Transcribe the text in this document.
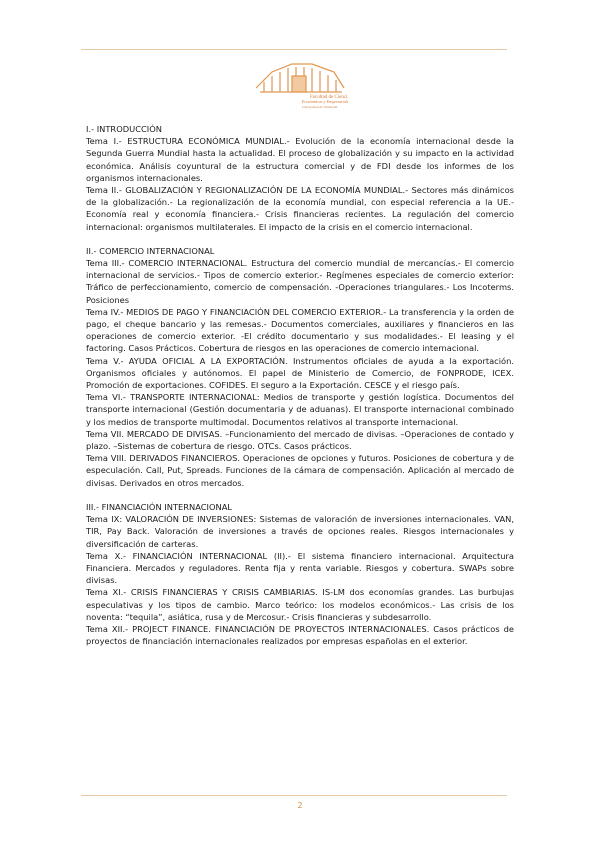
Facultad de Ciencias
Económicas y Empresariales
Universidad de Valladolid

I.- INTRODUCCIÓN

Tema I.- ESTRUCTURA ECONÓMICA MUNDIAL.- Evolución de la economía internacional desde la Segunda Guerra Mundial hasta la actualidad. El proceso de globalización y su impacto en la actividad económica. Análisis coyuntural de la estructura comercial y de FDI desde los informes de los organismos internacionales.

Tema II.- GLOBALIZACIÓN Y REGIONALIZACIÓN DE LA ECONOMÍA MUNDIAL.- Sectores más dinámicos de la globalización.- La regionalización de la economía mundial, con especial referencia a la UE.- Economía real y economía financiera.- Crisis financieras recientes. La regulación del comercio internacional: organismos multilaterales. El impacto de la crisis en el comercio internacional.

II.- COMERCIO INTERNACIONAL

Tema III.- COMERCIO INTERNACIONAL. Estructura del comercio mundial de mercancías.- El comercio internacional de servicios.- Tipos de comercio exterior.- Regímenes especiales de comercio exterior: Tráfico de perfeccionamiento, comercio de compensación. -Operaciones triangulares.- Los Incoterms. Posiciones

Tema IV.- MEDIOS DE PAGO Y FINANCIACIÓN DEL COMERCIO EXTERIOR.- La transferencia y la orden de pago, el cheque bancario y las remesas.- Documentos comerciales, auxiliares y financieros en las operaciones de comercio exterior. -El crédito documentario y sus modalidades.- El leasing y el factoring. Casos Prácticos. Cobertura de riesgos en las operaciones de comercio internacional.

Tema V.- AYUDA OFICIAL A LA EXPORTACIÓN. Instrumentos oficiales de ayuda a la exportación. Organismos oficiales y autónomos. El papel de Ministerio de Comercio, de FONPRODE, ICEX. Promoción de exportaciones. COFIDES. El seguro a la Exportación. CESCE y el riesgo país.

Tema VI.- TRANSPORTE INTERNACIONAL: Medios de transporte y gestión logística. Documentos del transporte internacional (Gestión documentaria y de aduanas). El transporte internacional combinado y los medios de transporte multimodal. Documentos relativos al transporte internacional.

Tema VII. MERCADO DE DIVISAS. –Funcionamiento del mercado de divisas. –Operaciones de contado y plazo. –Sistemas de cobertura de riesgo. OTCs. Casos prácticos.

Tema VIII. DERIVADOS FINANCIEROS. Operaciones de opciones y futuros. Posiciones de cobertura y de especulación. Call, Put, Spreads. Funciones de la cámara de compensación. Aplicación al mercado de divisas. Derivados en otros mercados.

III.- FINANCIACIÓN INTERNACIONAL

Tema IX: VALORACIÓN DE INVERSIONES: Sistemas de valoración de inversiones internacionales. VAN, TIR, Pay Back. Valoración de inversiones a través de opciones reales. Riesgos internacionales y diversificación de carteras.

Tema X.- FINANCIACIÓN INTERNACIONAL (II).- El sistema financiero internacional. Arquitectura Financiera. Mercados y reguladores. Renta fija y renta variable. Riesgos y cobertura. SWAPs sobre divisas.

Tema XI.- CRISIS FINANCIERAS Y CRISIS CAMBIARIAS. IS-LM dos economías grandes. Las burbujas especulativas y los tipos de cambio. Marco teórico: los modelos económicos.- Las crisis de los noventa: “tequila”, asiática, rusa y de Mercosur.- Crisis financieras y subdesarrollo.

Tema XII.- PROJECT FINANCE. FINANCIACIÓN DE PROYECTOS INTERNACIONALES. Casos prácticos de proyectos de financiación internacionales realizados por empresas españolas en el exterior.

2
